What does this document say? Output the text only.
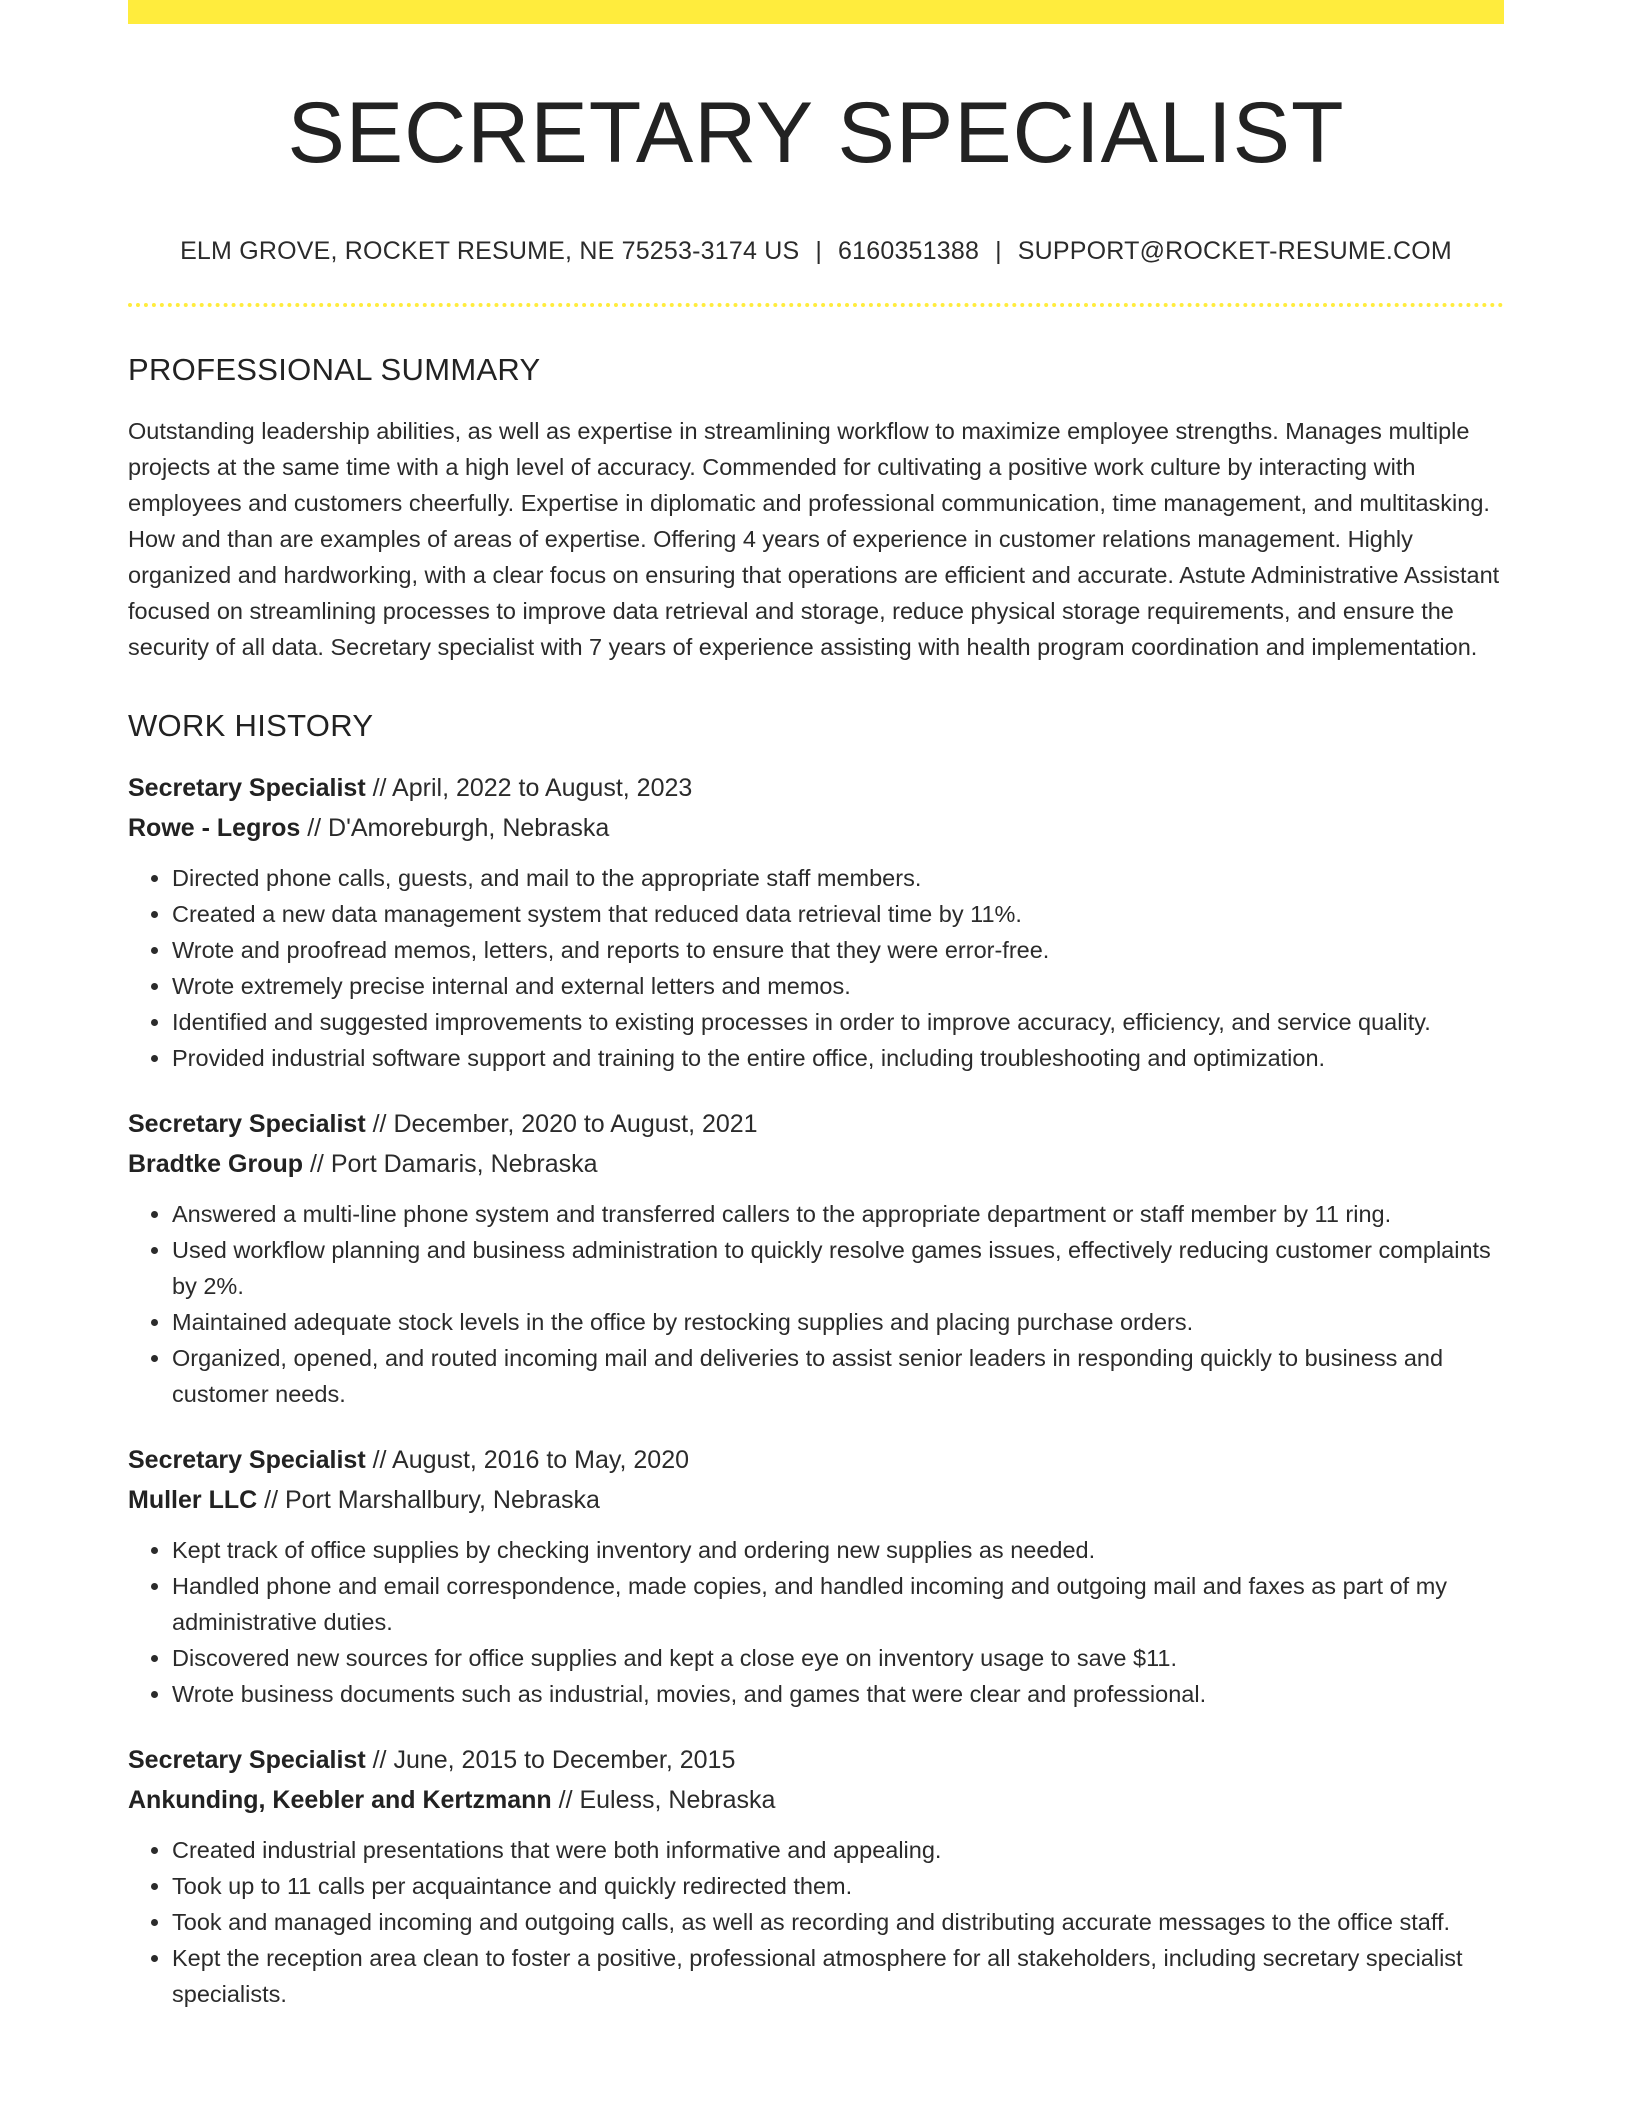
SECRETARY SPECIALIST
ELM GROVE, ROCKET RESUME, NE 75253-3174 US | 6160351388 | SUPPORT@ROCKET-RESUME.COM
PROFESSIONAL SUMMARY

Outstanding leadership abilities, as well as expertise in streamlining workflow to maximize employee strengths. Manages multiple projects at the same time with a high level of accuracy. Commended for cultivating a positive work culture by interacting with employees and customers cheerfully. Expertise in diplomatic and professional communication, time management, and multitasking. How and than are examples of areas of expertise. Offering 4 years of experience in customer relations management. Highly organized and hardworking, with a clear focus on ensuring that operations are efficient and accurate. Astute Administrative Assistant focused on streamlining processes to improve data retrieval and storage, reduce physical storage requirements, and ensure the security of all data. Secretary specialist with 7 years of experience assisting with health program coordination and implementation.

WORK HISTORY
Secretary Specialist // April, 2022 to August, 2023
Rowe - Legros // D'Amoreburgh, Nebraska
• Directed phone calls, guests, and mail to the appropriate staff members.
• Created a new data management system that reduced data retrieval time by 11%.
• Wrote and proofread memos, letters, and reports to ensure that they were error-free.
• Wrote extremely precise internal and external letters and memos.
• Identified and suggested improvements to existing processes in order to improve accuracy, efficiency, and service quality.
• Provided industrial software support and training to the entire office, including troubleshooting and optimization.
Secretary Specialist // December, 2020 to August, 2021
Bradtke Group // Port Damaris, Nebraska
• Answered a multi-line phone system and transferred callers to the appropriate department or staff member by 11 ring.
• Used workflow planning and business administration to quickly resolve games issues, effectively reducing customer complaints by 2%.
• Maintained adequate stock levels in the office by restocking supplies and placing purchase orders.
• Organized, opened, and routed incoming mail and deliveries to assist senior leaders in responding quickly to business and customer needs.
Secretary Specialist // August, 2016 to May, 2020
Muller LLC // Port Marshallbury, Nebraska
• Kept track of office supplies by checking inventory and ordering new supplies as needed.
• Handled phone and email correspondence, made copies, and handled incoming and outgoing mail and faxes as part of my administrative duties.
• Discovered new sources for office supplies and kept a close eye on inventory usage to save $11.
• Wrote business documents such as industrial, movies, and games that were clear and professional.
Secretary Specialist // June, 2015 to December, 2015
Ankunding, Keebler and Kertzmann // Euless, Nebraska
• Created industrial presentations that were both informative and appealing.
• Took up to 11 calls per acquaintance and quickly redirected them.
• Took and managed incoming and outgoing calls, as well as recording and distributing accurate messages to the office staff.
• Kept the reception area clean to foster a positive, professional atmosphere for all stakeholders, including secretary specialist specialists.
